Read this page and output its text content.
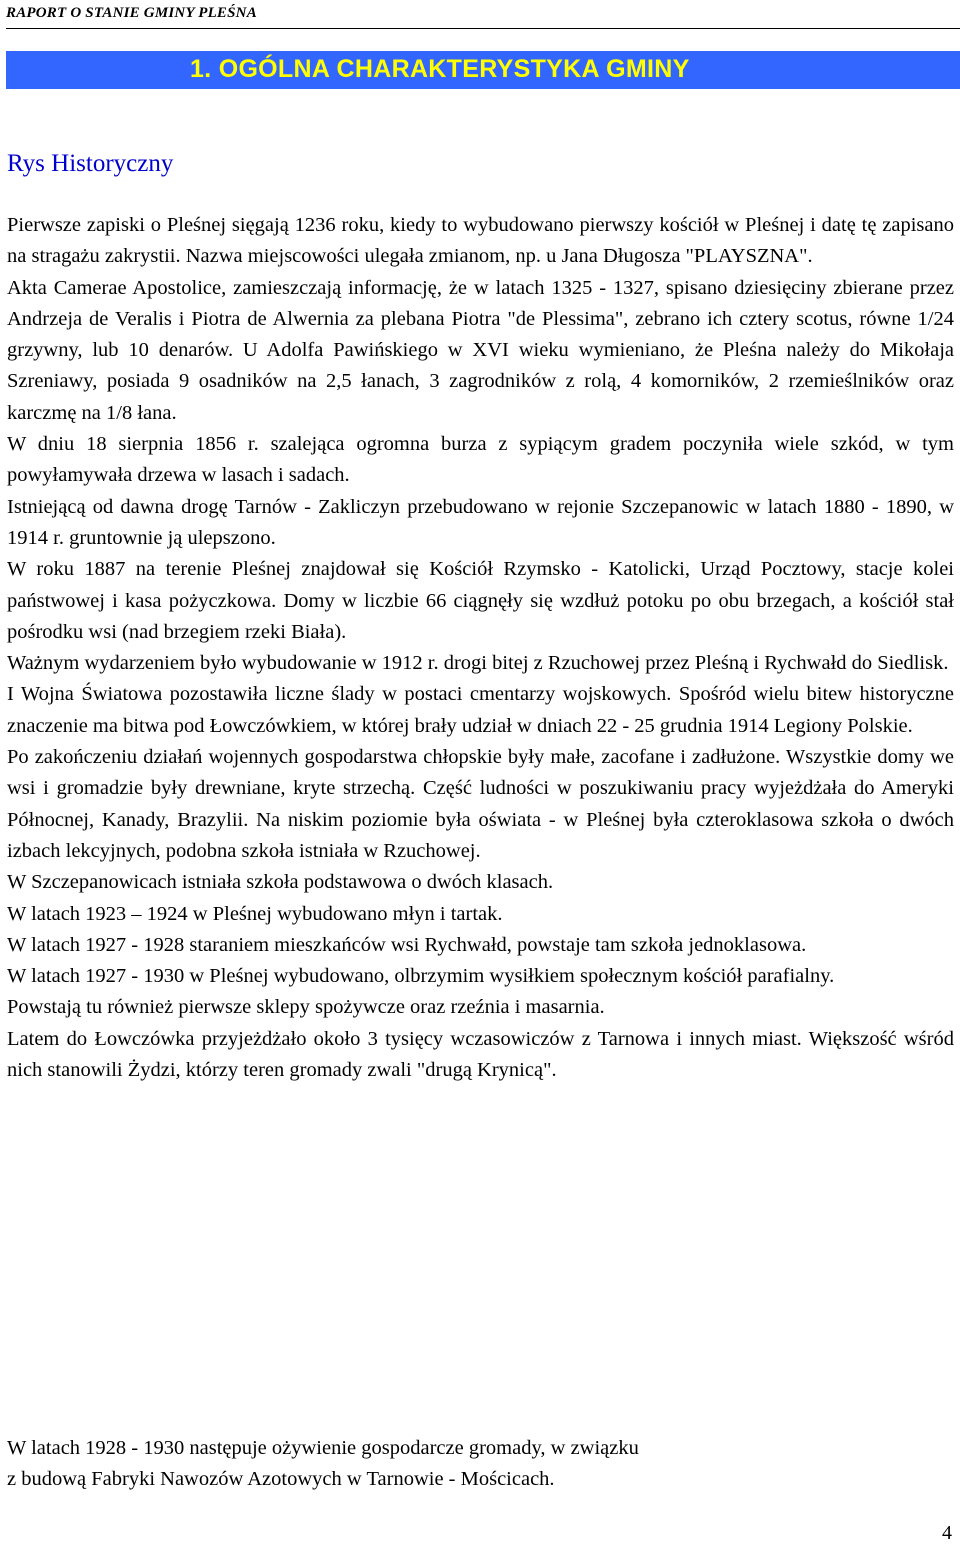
RAPORT O STANIE GMINY PLEŚNA
1. OGÓLNA CHARAKTERYSTYKA GMINY
Rys Historyczny

Pierwsze zapiski o Pleśnej sięgają 1236 roku, kiedy to wybudowano pierwszy kościół w Pleśnej i datę tę zapisano na stragażu zakrystii. Nazwa miejscowości ulegała zmianom, np. u Jana Długosza "PLAYSZNA".

Akta Camerae Apostolice, zamieszczają informację, że w latach 1325 - 1327, spisano dziesięciny zbierane przez Andrzeja de Veralis i Piotra de Alwernia za plebana Piotra "de Plessima", zebrano ich cztery scotus, równe 1/24 grzywny, lub 10 denarów. U Adolfa Pawińskiego w XVI wieku wymieniano, że Pleśna należy do Mikołaja Szreniawy, posiada 9 osadników na 2,5 łanach, 3 zagrodników z rolą, 4 komorników, 2 rzemieślników oraz karczmę na 1/8 łana.

W dniu 18 sierpnia 1856 r. szalejąca ogromna burza z sypiącym gradem poczyniła wiele szkód, w tym powyłamywała drzewa w lasach i sadach.

Istniejącą od dawna drogę Tarnów - Zakliczyn przebudowano w rejonie Szczepanowic w latach 1880 - 1890, w 1914 r. gruntownie ją ulepszono.

W roku 1887 na terenie Pleśnej znajdował się Kościół Rzymsko - Katolicki, Urząd Pocztowy, stacje kolei państwowej i kasa pożyczkowa. Domy w liczbie 66 ciągnęły się wzdłuż potoku po obu brzegach, a kościół stał pośrodku wsi (nad brzegiem rzeki Biała).

Ważnym wydarzeniem było wybudowanie w 1912 r. drogi bitej z Rzuchowej przez Pleśną i Rychwałd do Siedlisk.

I Wojna Światowa pozostawiła liczne ślady w postaci cmentarzy wojskowych. Spośród wielu bitew historyczne znaczenie ma bitwa pod Łowczówkiem, w której brały udział w dniach 22 - 25 grudnia 1914 Legiony Polskie.

Po zakończeniu działań wojennych gospodarstwa chłopskie były małe, zacofane i zadłużone. Wszystkie domy we wsi i gromadzie były drewniane, kryte strzechą. Część ludności w poszukiwaniu pracy wyjeżdżała do Ameryki Północnej, Kanady, Brazylii. Na niskim poziomie była oświata - w Pleśnej była czteroklasowa szkoła o dwóch izbach lekcyjnych, podobna szkoła istniała w Rzuchowej.

W Szczepanowicach istniała szkoła podstawowa o dwóch klasach.

W latach 1923 – 1924 w Pleśnej wybudowano młyn i tartak.

W latach 1927 - 1928 staraniem mieszkańców wsi Rychwałd, powstaje tam szkoła jednoklasowa.

W latach 1927 - 1930 w Pleśnej wybudowano, olbrzymim wysiłkiem społecznym kościół parafialny.

Powstają tu również pierwsze sklepy spożywcze oraz rzeźnia i masarnia.

Latem do Łowczówka przyjeżdżało około 3 tysięcy wczasowiczów z Tarnowa i innych miast. Większość wśród nich stanowili Żydzi, którzy teren gromady zwali "drugą Krynicą".

W latach 1928 - 1930 następuje ożywienie gospodarcze gromady, w związku

z budową Fabryki Nawozów Azotowych w Tarnowie - Mościcach.

4
